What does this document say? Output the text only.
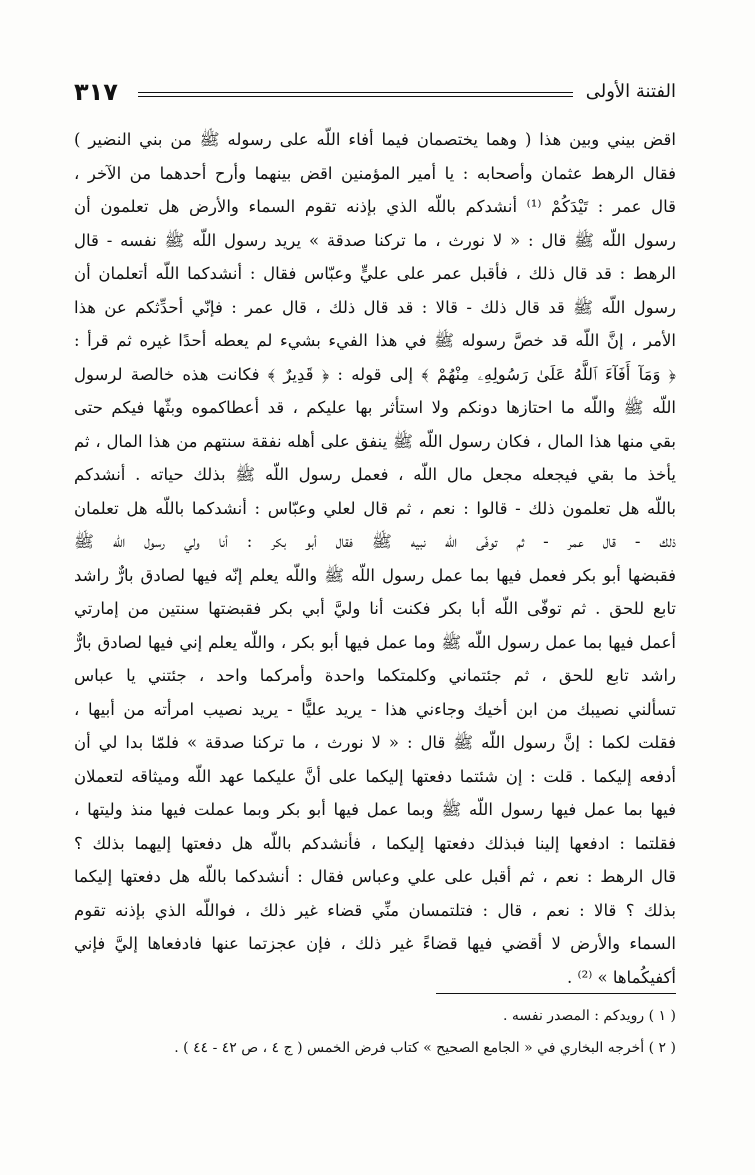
٣١٧	الفتنة الأولى
اقض بيني وبين هذا ( وهما يختصمان فيما أفاء اللّه على رسوله ﷺ من بني النضير )
فقال الرهط عثمان وأصحابه : يا أمير المؤمنين اقض بينهما وأرح أحدهما من الآخر ،
قال عمر : تَيْدَكُمْ ⁽¹⁾ أنشدكم باللّه الذي بإذنه تقوم السماء والأرض هل تعلمون أن
رسول اللّه ﷺ قال : « لا نورث ، ما تركنا صدقة » يريد رسول اللّه ﷺ نفسه - قال
الرهط : قد قال ذلك ، فأقبل عمر على عليٍّ وعبّاس فقال : أنشدكما اللّه أتعلمان أن
رسول اللّه ﷺ قد قال ذلك - قالا : قد قال ذلك ، قال عمر : فإنّي أحدِّثكم عن هذا
الأمر ، إنَّ اللّه قد خصَّ رسوله ﷺ في هذا الفيء بشيء لم يعطه أحدًا غيره ثم قرأ :
﴿ وَمَآ أَفَآءَ ٱللَّهُ عَلَىٰ رَسُولِهِۦ مِنْهُمْ ﴾ إلى قوله : ﴿ قَدِيرٌ ﴾ فكانت هذه خالصة لرسول
اللّه ﷺ واللّه ما احتازها دونكم ولا استأثر بها عليكم ، قد أعطاكموه وبثّها فيكم حتى
بقي منها هذا المال ، فكان رسول اللّه ﷺ ينفق على أهله نفقة سنتهم من هذا المال ، ثم
يأخذ ما بقي فيجعله مجعل مال اللّه ، فعمل رسول اللّه ﷺ بذلك حياته . أنشدكم
باللّه هل تعلمون ذلك - قالوا : نعم ، ثم قال لعلي وعبّاس : أنشدكما باللّه هل تعلمان
ذلك - قال عمر - ثم توفّى اللّه نبيه ﷺ فقال أبو بكر : أنا ولي رسول اللّه ﷺ
فقبضها أبو بكر فعمل فيها بما عمل رسول اللّه ﷺ واللّه يعلم إنّه فيها لصادق بارٌّ راشد
تابع للحق . ثم توفّى اللّه أبا بكر فكنت أنا وليَّ أبي بكر فقبضتها سنتين من إمارتي
أعمل فيها بما عمل رسول اللّه ﷺ وما عمل فيها أبو بكر ، واللّه يعلم إني فيها لصادق بارٌّ
راشد تابع للحق ، ثم جئتماني وكلمتكما واحدة وأمركما واحد ، جئتني يا عباس
تسألني نصيبك من ابن أخيك وجاءني هذا - يريد عليًّا - يريد نصيب امرأته من أبيها ،
فقلت لكما : إنَّ رسول اللّه ﷺ قال : « لا نورث ، ما تركنا صدقة » فلمّا بدا لي أن
أدفعه إليكما . قلت : إن شئتما دفعتها إليكما على أنَّ عليكما عهد اللّه وميثاقه لتعملان
فيها بما عمل فيها رسول اللّه ﷺ وبما عمل فيها أبو بكر وبما عملت فيها منذ وليتها ،
فقلتما : ادفعها إلينا فبذلك دفعتها إليكما ، فأنشدكم باللّه هل دفعتها إليهما بذلك ؟
قال الرهط : نعم ، ثم أقبل على علي وعباس فقال : أنشدكما باللّه هل دفعتها إليكما
بذلك ؟ قالا : نعم ، قال : فتلتمسان منِّي قضاء غير ذلك ، فواللّه الذي بإذنه تقوم
السماء والأرض لا أقضي فيها قضاءً غير ذلك ، فإن عجزتما عنها فادفعاها إليَّ فإني
أكفيكُماها » ⁽²⁾ .
( ١ ) رويدكم : المصدر نفسه .
( ٢ ) أخرجه البخاري في « الجامع الصحيح » كتاب فرض الخمس ( ج ٤ ، ص ٤٢ - ٤٤ ) .
